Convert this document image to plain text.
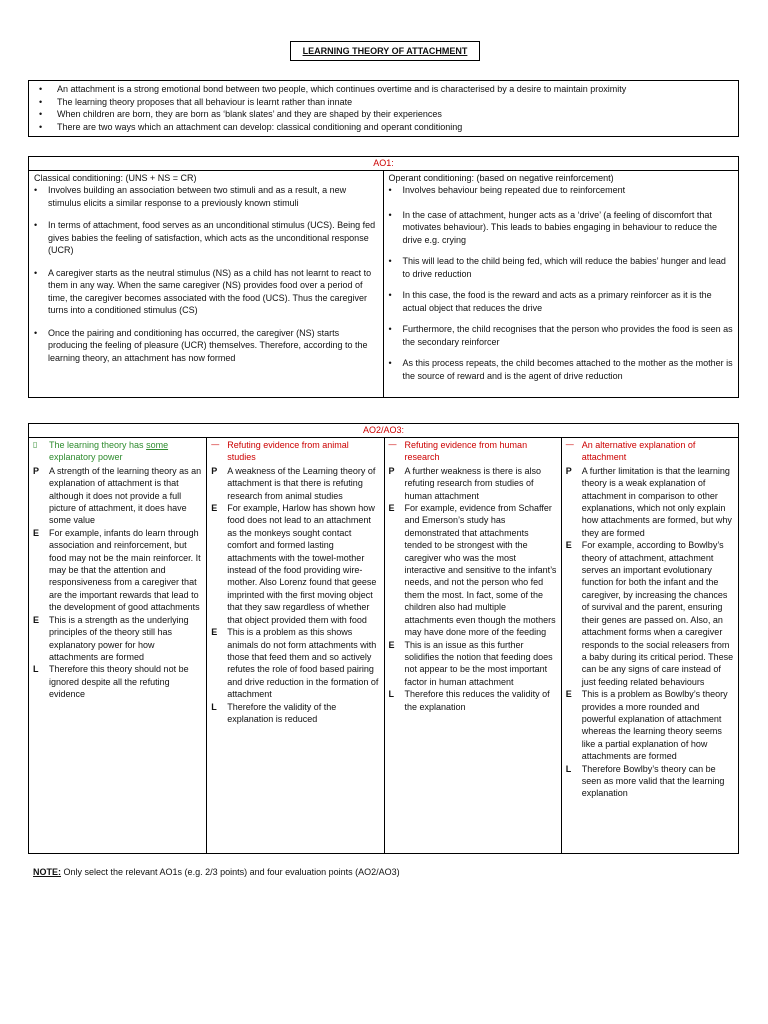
LEARNING THEORY OF ATTACHMENT
• An attachment is a strong emotional bond between two people, which continues overtime and is characterised by a desire to maintain proximity
• The learning theory proposes that all behaviour is learnt rather than innate
• When children are born, they are born as ‘blank slates’ and they are shaped by their experiences
• There are two ways which an attachment can develop: classical conditioning and operant conditioning
AO1:
Classical conditioning: (UNS + NS = CR)
• Involves building an association between two stimuli and as a result, a new stimulus elicits a similar response to a previously known stimuli
• In terms of attachment, food serves as an unconditional stimulus (UCS). Being fed gives babies the feeling of satisfaction, which acts as the unconditional response (UCR)
• A caregiver starts as the neutral stimulus (NS) as a child has not learnt to react to them in any way. When the same caregiver (NS) provides food over a period of time, the caregiver becomes associated with the food (UCS). Thus the caregiver turns into a conditioned stimulus (CS)
• Once the pairing and conditioning has occurred, the caregiver (NS) starts producing the feeling of pleasure (UCR) themselves. Therefore, according to the learning theory, an attachment has now formed
Operant conditioning: (based on negative reinforcement)
• Involves behaviour being repeated due to reinforcement
• In the case of attachment, hunger acts as a ‘drive’ (a feeling of discomfort that motivates behaviour). This leads to babies engaging in behaviour to reduce the drive e.g. crying
• This will lead to the child being fed, which will reduce the babies’ hunger and lead to drive reduction
• In this case, the food is the reward and acts as a primary reinforcer as it is the actual object that reduces the drive
• Furthermore, the child recognises that the person who provides the food is seen as the secondary reinforcer
• As this process repeats, the child becomes attached to the mother as the mother is the source of reward and is the agent of drive reduction
AO2/AO3:
▯	The learning theory has some explanatory power
P	A strength of the learning theory as an explanation of attachment is that although it does not provide a full picture of attachment, it does have some value
E	For example, infants do learn through association and reinforcement, but food may not be the main reinforcer. It may be that the attention and responsiveness from a caregiver that are the important rewards that lead to the development of good attachments
E	This is a strength as the underlying principles of the theory still has explanatory power for how attachments are formed
L	Therefore this theory should not be ignored despite all the refuting evidence
— Refuting evidence from animal studies
P	A weakness of the Learning theory of attachment is that there is refuting research from animal studies
E	For example, Harlow has shown how food does not lead to an attachment as the monkeys sought contact comfort and formed lasting attachments with the towel-mother instead of the food providing wire-mother. Also Lorenz found that geese imprinted with the first moving object that they saw regardless of whether that object provided them with food
E	This is a problem as this shows animals do not form attachments with those that feed them and so actively refutes the role of food based pairing and drive reduction in the formation of attachment
L	Therefore the validity of the explanation is reduced
— Refuting evidence from human research
P	A further weakness is there is also refuting research from studies of human attachment
E	For example, evidence from Schaffer and Emerson’s study has demonstrated that attachments tended to be strongest with the caregiver who was the most interactive and sensitive to the infant’s needs, and not the person who fed them the most. In fact, some of the children also had multiple attachments even though the mothers may have done more of the feeding
E	This is an issue as this further solidifies the notion that feeding does not appear to be the most important factor in human attachment
L	Therefore this reduces the validity of the explanation
— An alternative explanation of attachment
P	A further limitation is that the learning theory is a weak explanation of attachment in comparison to other explanations, which not only explain how attachments are formed, but why they are formed
E	For example, according to Bowlby’s theory of attachment, attachment serves an important evolutionary function for both the infant and the caregiver, by increasing the chances of survival and the parent, ensuring their genes are passed on. Also, an attachment forms when a caregiver responds to the social releasers from a baby during its critical period. These can be any signs of care instead of just feeding related behaviours
E	This is a problem as Bowlby’s theory provides a more rounded and powerful explanation of attachment whereas the learning theory seems like a partial explanation of how attachments are formed
L	Therefore Bowlby’s theory can be seen as more valid that the learning explanation
NOTE: Only select the relevant AO1s (e.g. 2/3 points) and four evaluation points (AO2/AO3)
